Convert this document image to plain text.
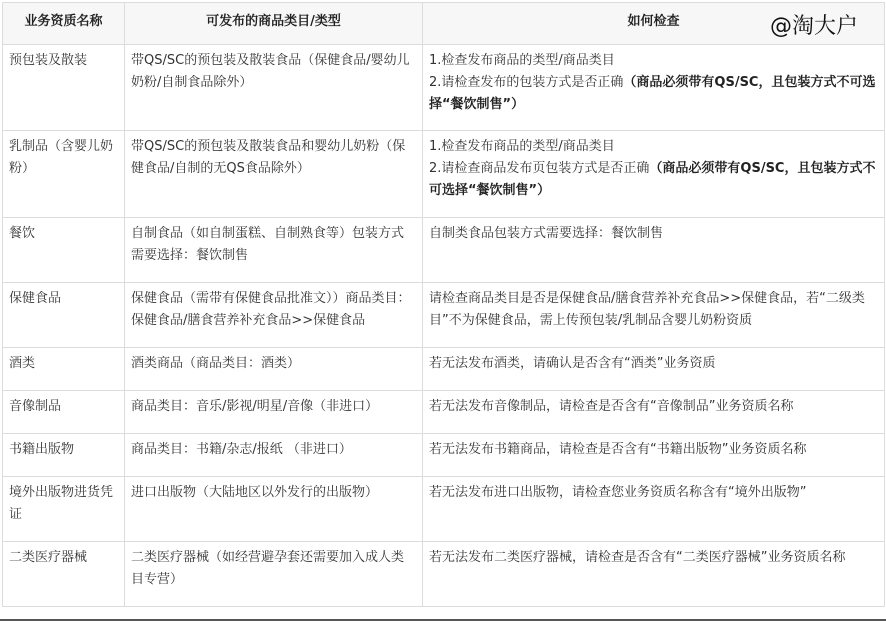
业务资质名称	可发布的商品类目/类型	如何检查
预包装及散装	带QS/SC的预包装及散装食品（保健食品/婴幼儿奶粉/自制食品除外）	1.检查发布商品的类型/商品类目
2.请检查发布的包装方式是否正确（商品必须带有QS/SC，且包装方式不可选择“餐饮制售”）
乳制品（含婴儿奶粉）	带QS/SC的预包装及散装食品和婴幼儿奶粉（保健食品/自制的无QS食品除外）	1.检查发布商品的类型/商品类目
2.请检查商品发布页包装方式是否正确（商品必须带有QS/SC，且包装方式不可选择“餐饮制售”）
餐饮	自制食品（如自制蛋糕、自制熟食等）包装方式需要选择：餐饮制售	自制类食品包装方式需要选择：餐饮制售
保健食品	保健食品（需带有保健食品批准文））商品类目：保健食品/膳食营养补充食品>>保健食品	请检查商品类目是否是保健食品/膳食营养补充食品>>保健食品，若“二级类目”不为保健食品，需上传预包装/乳制品含婴儿奶粉资质
酒类	酒类商品（商品类目：酒类）	若无法发布酒类，请确认是否含有“酒类”业务资质
音像制品	商品类目：音乐/影视/明星/音像（非进口）	若无法发布音像制品，请检查是否含有“音像制品”业务资质名称
书籍出版物	商品类目：书籍/杂志/报纸 （非进口）	若无法发布书籍商品，请检查是否含有“书籍出版物”业务资质名称
境外出版物进货凭证	进口出版物（大陆地区以外发行的出版物）	若无法发布进口出版物，请检查您业务资质名称含有“境外出版物”
二类医疗器械	二类医疗器械（如经营避孕套还需要加入成人类目专营）	若无法发布二类医疗器械，请检查是否含有“二类医疗器械”业务资质名称
@淘大户
